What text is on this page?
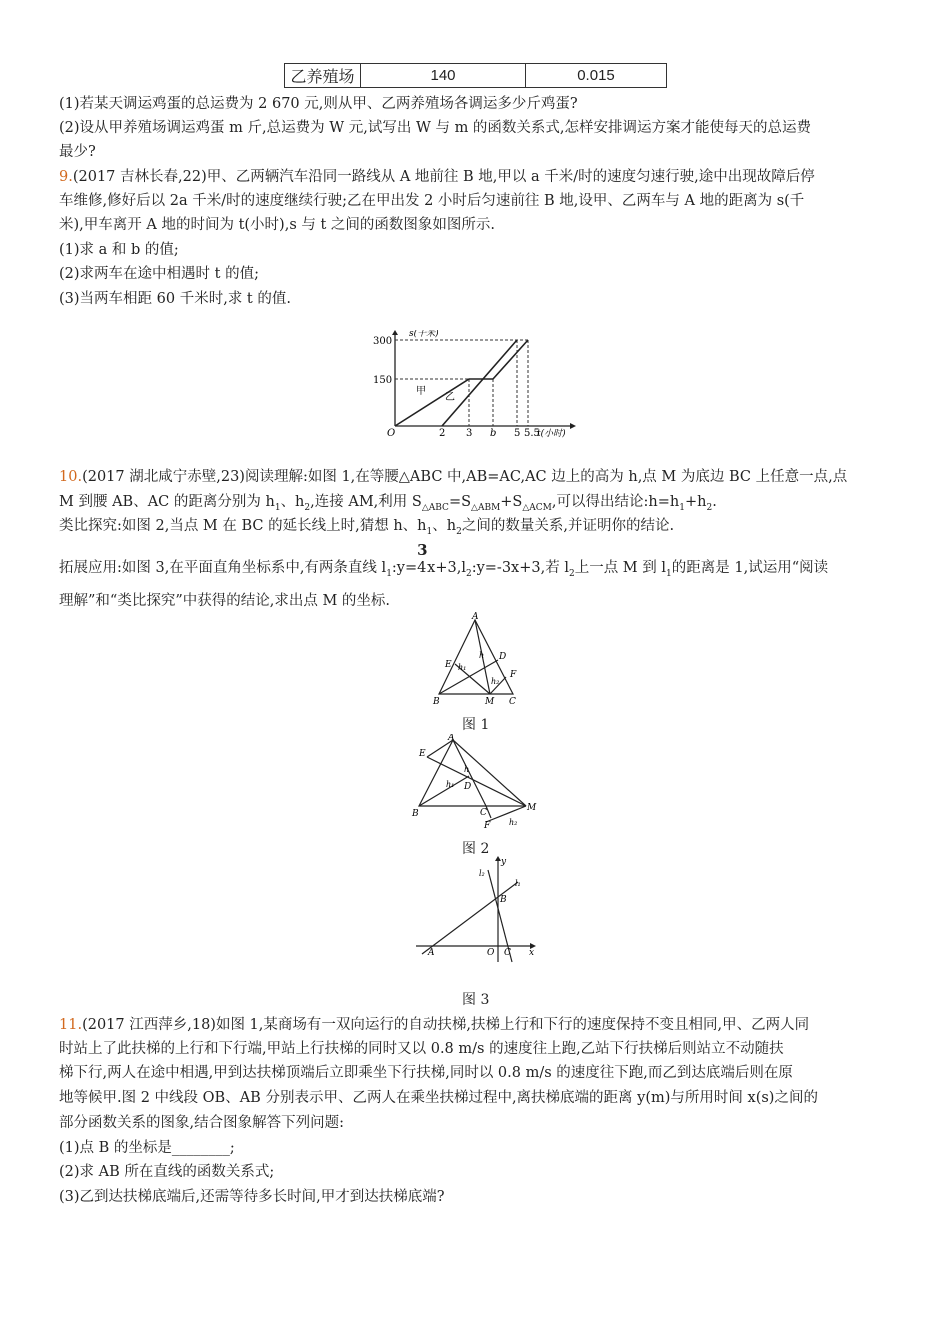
乙养殖场	140	0.015
(1)若某天调运鸡蛋的总运费为 2 670 元,则从甲、乙两养殖场各调运多少斤鸡蛋?
(2)设从甲养殖场调运鸡蛋 m 斤,总运费为 W 元,试写出 W 与 m 的函数关系式,怎样安排调运方案才能使每天的总运费
最少?
9.(2017 吉林长春,22)甲、乙两辆汽车沿同一路线从 A 地前往 B 地,甲以 a 千米/时的速度匀速行驶,途中出现故障后停
车维修,修好后以 2a 千米/时的速度继续行驶;乙在甲出发 2 小时后匀速前往 B 地,设甲、乙两车与 A 地的距离为 s(千
米),甲车离开 A 地的时间为 t(小时),s 与 t 之间的函数图象如图所示.
(1)求 a 和 b 的值;
(2)求两车在途中相遇时 t 的值;
(3)当两车相距 60 千米时,求 t 的值.
s(千米)
t(小时)
300
150
O	2 3 b 5 5.5
甲
乙
10.(2017 湖北咸宁赤壁,23)阅读理解:如图 1,在等腰△ABC 中,AB=AC,AC 边上的高为 h,点 M 为底边 BC 上任意一点,点
M 到腰 AB、AC 的距离分别为 $h_1$、$h_2$,连接 AM,利用 $S_{\triangle ABC}=S_{\triangle ABM}+S_{\triangle ACM}$,可以得出结论$:h=h_1+h_2$.
类比探究:如图 2,当点 M 在 BC 的延长线上时,猜想 h、$h_1$、$h_2$之间的数量关系,并证明你的结论.
拓展应用:如图 3,在平面直角坐标系中,有两条直线 $l_1:y=$
3
$4x+3,l_2:y=-3x+3$,若 $l_2$上一点 M 到 $l_1$的距离是 1,试运用“阅读
理解”和“类比探究”中获得的结论,求出点 M 的坐标.
A
B	C
D
E
F
M
h
h₁
h₂
图 1
A
B	C
D
E
F
M
h
h₁
h₂
图 2
y
x
O
A
B
C
l₁
l₂
图 3
11.(2017 江西萍乡,18)如图 1,某商场有一双向运行的自动扶梯,扶梯上行和下行的速度保持不变且相同,甲、乙两人同
时站上了此扶梯的上行和下行端,甲站上行扶梯的同时又以 0.8 m/s 的速度往上跑,乙站下行扶梯后则站立不动随扶
梯下行,两人在途中相遇,甲到达扶梯顶端后立即乘坐下行扶梯,同时以 0.8 m/s 的速度往下跑,而乙到达底端后则在原
地等候甲.图 2 中线段 OB、AB 分别表示甲、乙两人在乘坐扶梯过程中,离扶梯底端的距离 y(m)与所用时间 x(s)之间的
部分函数关系的图象,结合图象解答下列问题:
(1)点 B 的坐标是________;
(2)求 AB 所在直线的函数关系式;
(3)乙到达扶梯底端后,还需等待多长时间,甲才到达扶梯底端?
